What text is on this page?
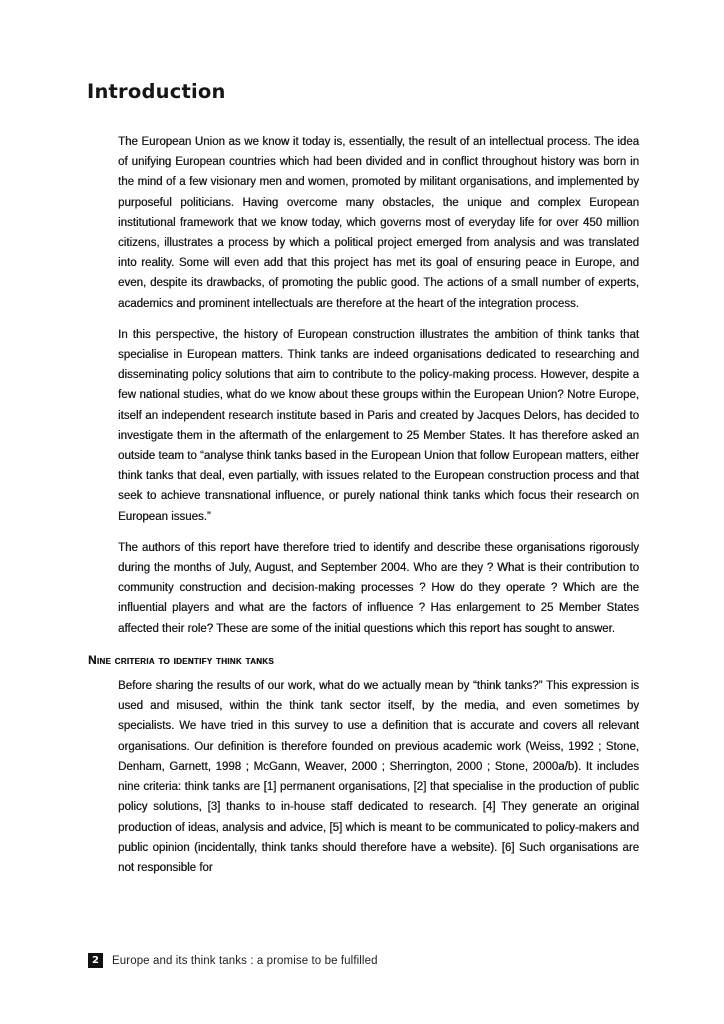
Introduction

The European Union as we know it today is, essentially, the result of an intellectual process. The idea of unifying European countries which had been divided and in conflict throughout history was born in the mind of a few visionary men and women, promoted by militant organisations, and implemented by purposeful politicians. Having overcome many obstacles, the unique and complex European institutional framework that we know today, which governs most of everyday life for over 450 million citizens, illustrates a process by which a political project emerged from analysis and was translated into reality. Some will even add that this project has met its goal of ensuring peace in Europe, and even, despite its drawbacks, of promoting the public good. The actions of a small number of experts, academics and prominent intellectuals are therefore at the heart of the integration process.

In this perspective, the history of European construction illustrates the ambition of think tanks that specialise in European matters. Think tanks are indeed organisations dedicated to researching and disseminating policy solutions that aim to contribute to the policy-making process. However, despite a few national studies, what do we know about these groups within the European Union? Notre Europe, itself an independent research institute based in Paris and created by Jacques Delors, has decided to investigate them in the aftermath of the enlargement to 25 Member States. It has therefore asked an outside team to “analyse think tanks based in the European Union that follow European matters, either think tanks that deal, even partially, with issues related to the European construction process and that seek to achieve transnational influence, or purely national think tanks which focus their research on European issues.”

The authors of this report have therefore tried to identify and describe these organisations rigorously during the months of July, August, and September 2004. Who are they ? What is their contribution to community construction and decision-making processes ? How do they operate ? Which are the influential players and what are the factors of influence ? Has enlargement to 25 Member States affected their role? These are some of the initial questions which this report has sought to answer.

Nine criteria to identify think tanks

Before sharing the results of our work, what do we actually mean by “think tanks?” This expression is used and misused, within the think tank sector itself, by the media, and even sometimes by specialists. We have tried in this survey to use a definition that is accurate and covers all relevant organisations. Our definition is therefore founded on previous academic work (Weiss, 1992 ; Stone, Denham, Garnett, 1998 ; McGann, Weaver, 2000 ; Sherrington, 2000 ; Stone, 2000a/b). It includes nine criteria: think tanks are [1] permanent organisations, [2] that specialise in the production of public policy solutions, [3] thanks to in-house staff dedicated to research. [4] They generate an original production of ideas, analysis and advice, [5] which is meant to be communicated to policy-makers and public opinion (incidentally, think tanks should therefore have a website). [6] Such organisations are not responsible for

2	Europe and its think tanks : a promise to be fulfilled
